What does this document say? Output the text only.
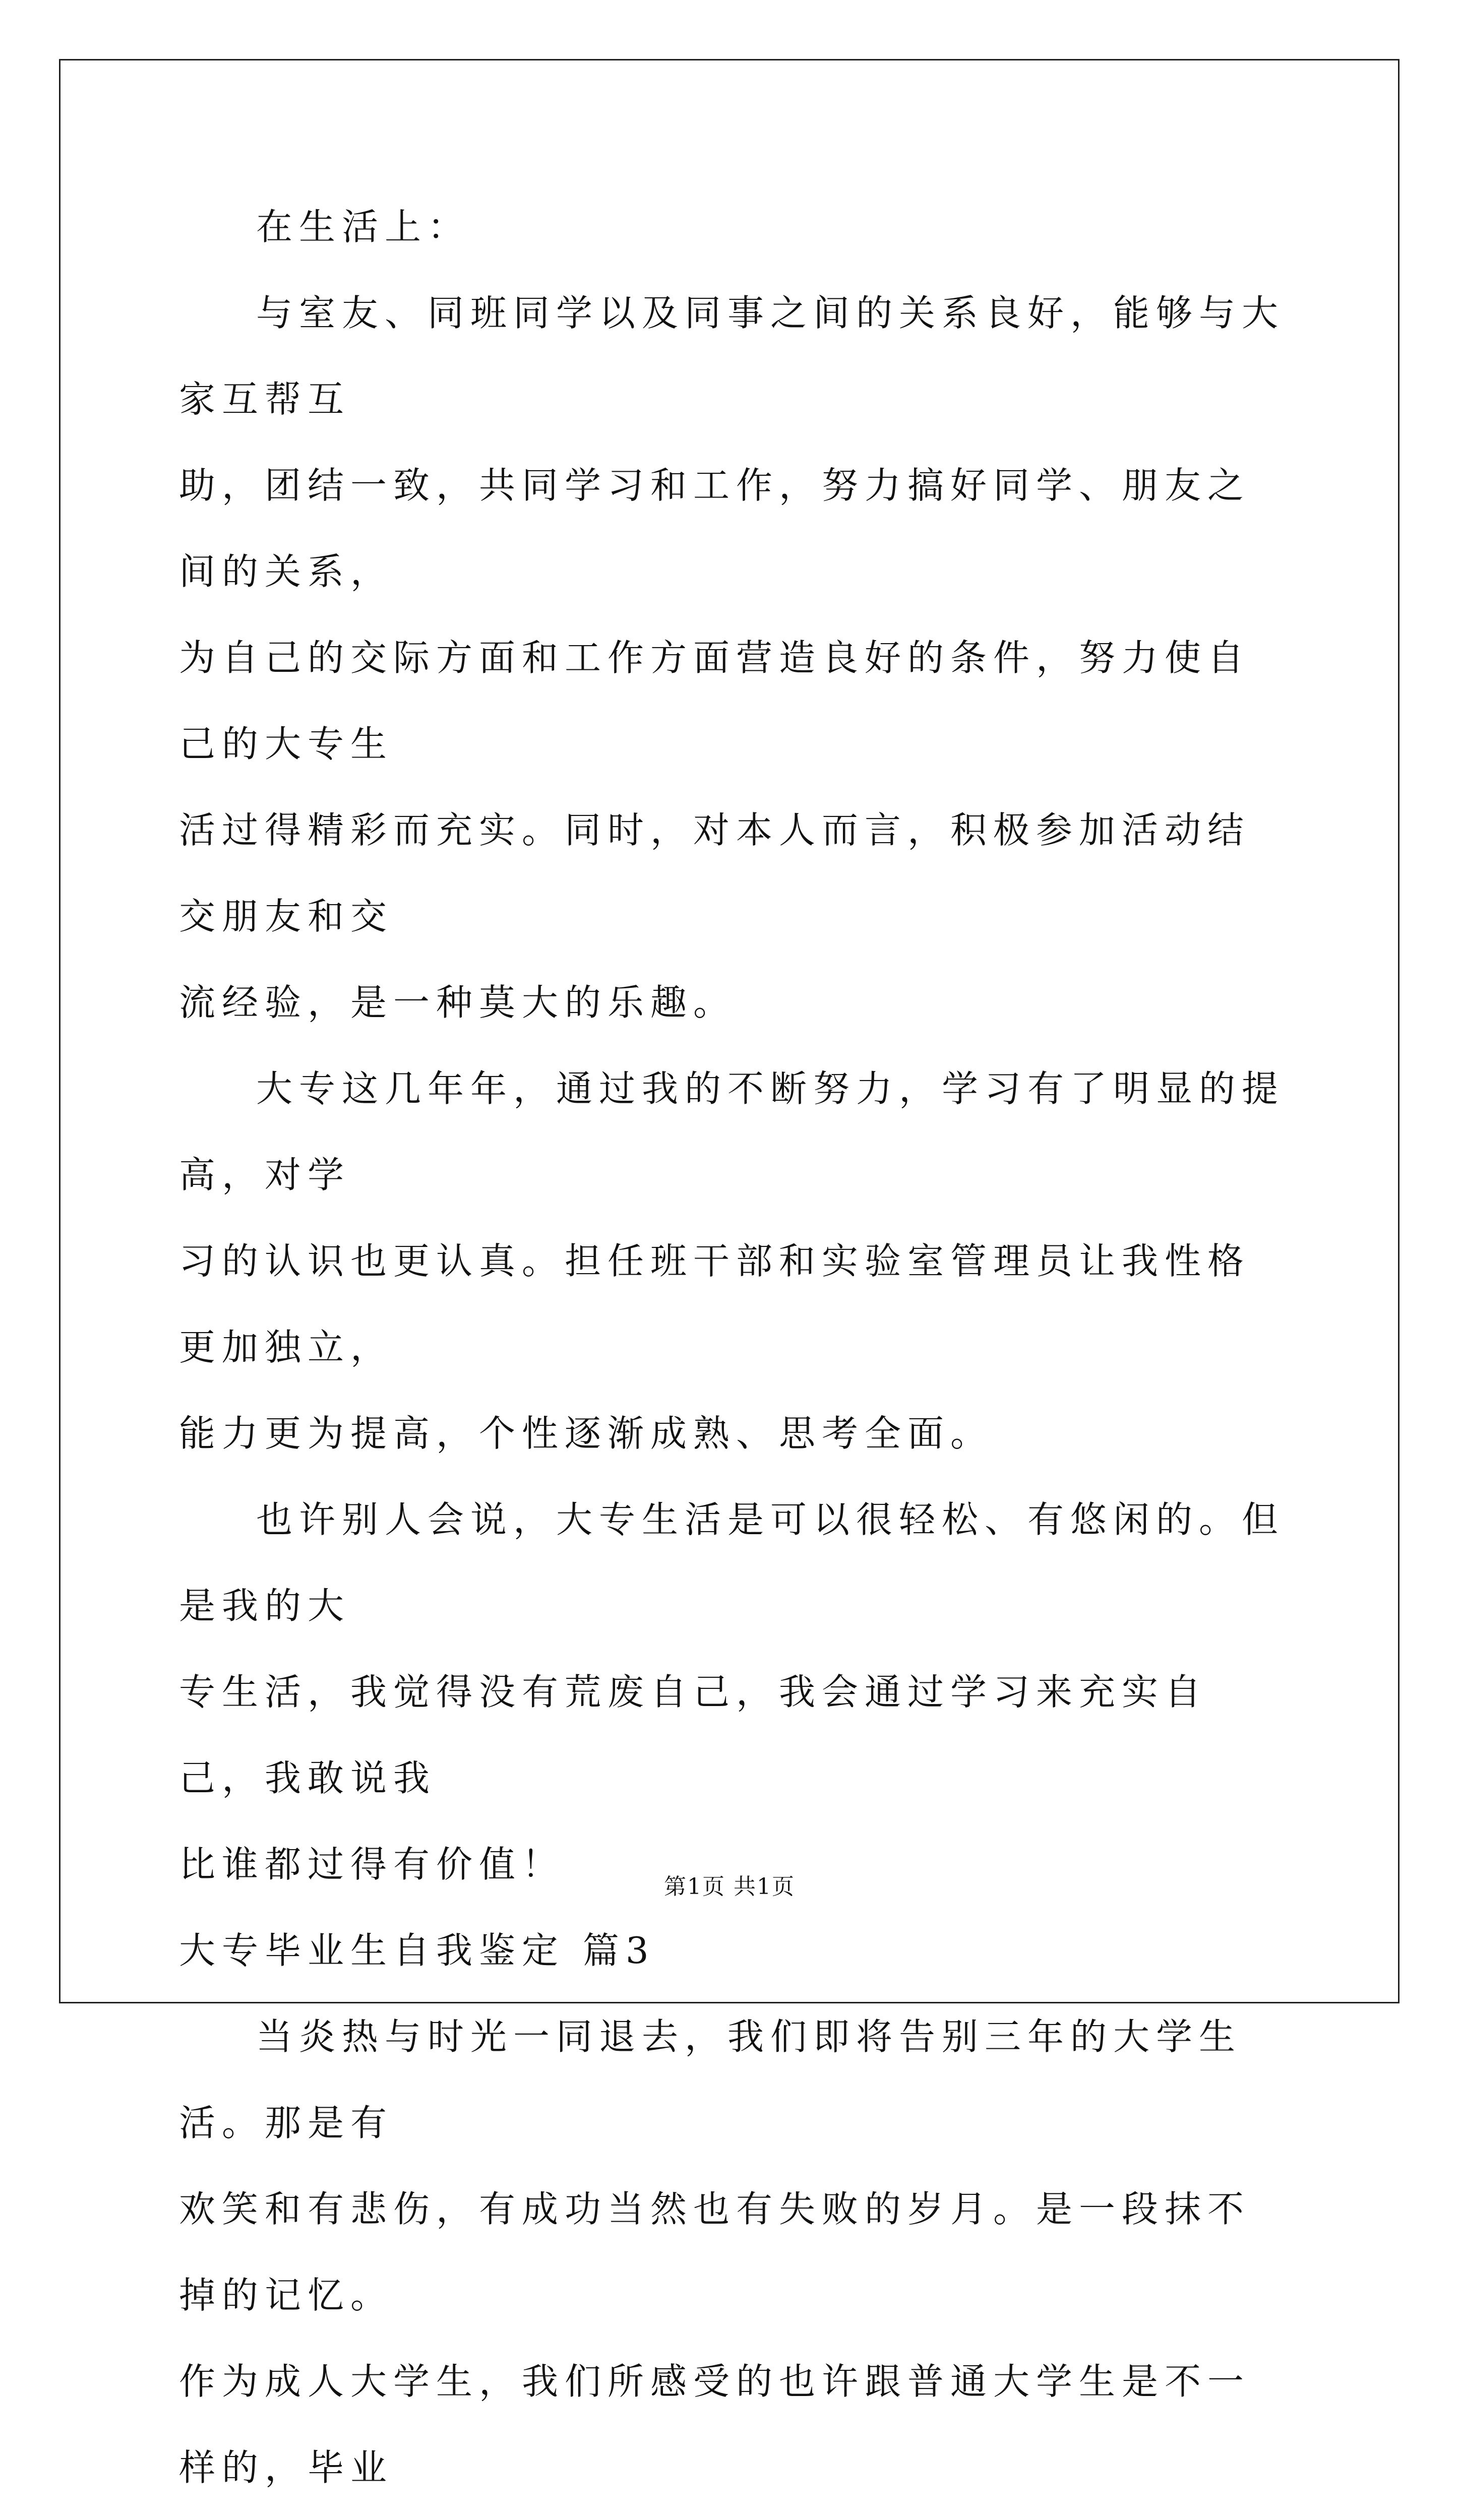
在生活上：

与室友、同班同学以及同事之间的关系良好，能够与大家互帮互

助，团结一致，共同学习和工作，努力搞好同学、朋友之间的关系，

为自己的交际方面和工作方面营造良好的条件，努力使自己的大专生

活过得精彩而充实。同时，对本人而言，积极参加活动结交朋友和交

流经验，是一种莫大的乐趣。

大专这几年年，通过我的不断努力，学习有了明显的提高，对学

习的认识也更认真。担任班干部和实验室管理员让我性格更加独立，

能力更为提高，个性逐渐成熟、思考全面。

也许别人会说，大专生活是可以很轻松、有悠闲的。但是我的大

专生活，我觉得没有荒废自己，我会通过学习来充实自己，我敢说我

比谁都过得有价值！

大专毕业生自我鉴定 篇3

当炎热与时光一同退去，我们即将告别三年的大学生活。那是有

欢笑和有悲伤，有成功当然也有失败的岁月。是一段抹不掉的记忆。

作为成人大学生，我们所感受的也许跟普通大学生是不一样的，毕业

第1页 共1页
